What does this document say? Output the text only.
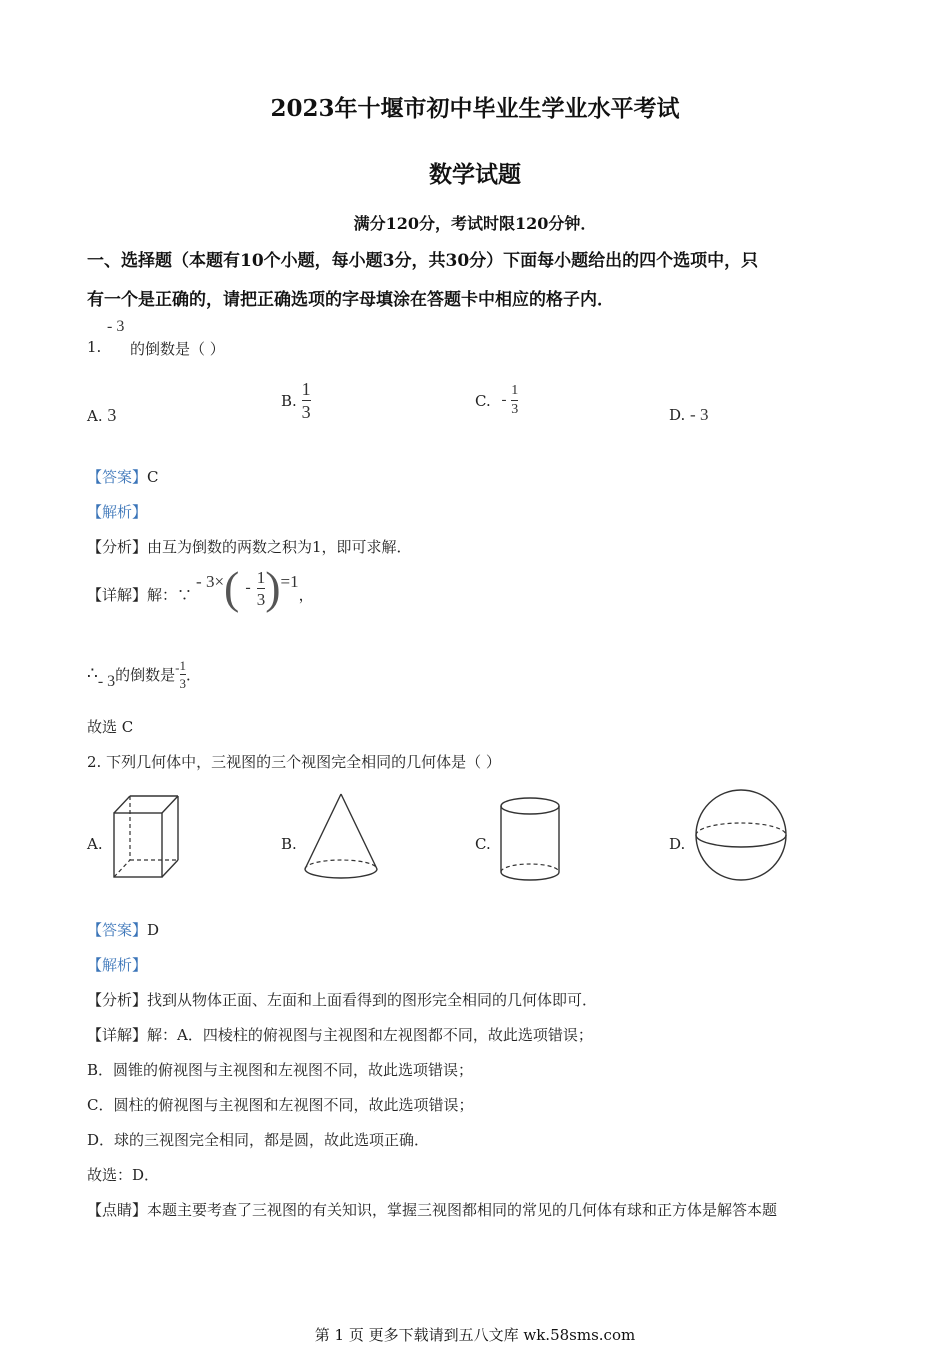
2023年十堰市初中毕业生学业水平考试
数学试题
满分120分，考试时限120分钟．
一、选择题（本题有10个小题，每小题3分，共30分）下面每小题给出的四个选项中，只
有一个是正确的，请把正确选项的字母填涂在答题卡中相应的格子内．
1.
- 3
的倒数是（ ）
A. 3
B. $\frac{1}{3}$	C. - $\frac{1}{3}$	D. - 3
【答案】C
【解析】
【分析】由互为倒数的两数之积为1，即可求解．
【详解】 解：∵
- 3× ( - $\frac{1}{3}$ ) =1
，
∴ - 3 的倒数是 - $\frac{1}{3}$ ．
故选 C
2. 下列几何体中，三视图的三个视图完全相同的几何体是（ ）
A.	B.	C.	D.
【答案】D
【解析】
【分析】找到从物体正面、左面和上面看得到的图形完全相同的几何体即可．
【详解】解：A．四棱柱的俯视图与主视图和左视图都不同，故此选项错误；
B．圆锥的俯视图与主视图和左视图不同，故此选项错误；
C．圆柱的俯视图与主视图和左视图不同，故此选项错误；
D．球的三视图完全相同，都是圆，故此选项正确．
故选：D．
【点睛】本题主要考查了三视图的有关知识，掌握三视图都相同的常见的几何体有球和正方体是解答本题
第 1 页 更多下载请到五八文库 wk.58sms.com
